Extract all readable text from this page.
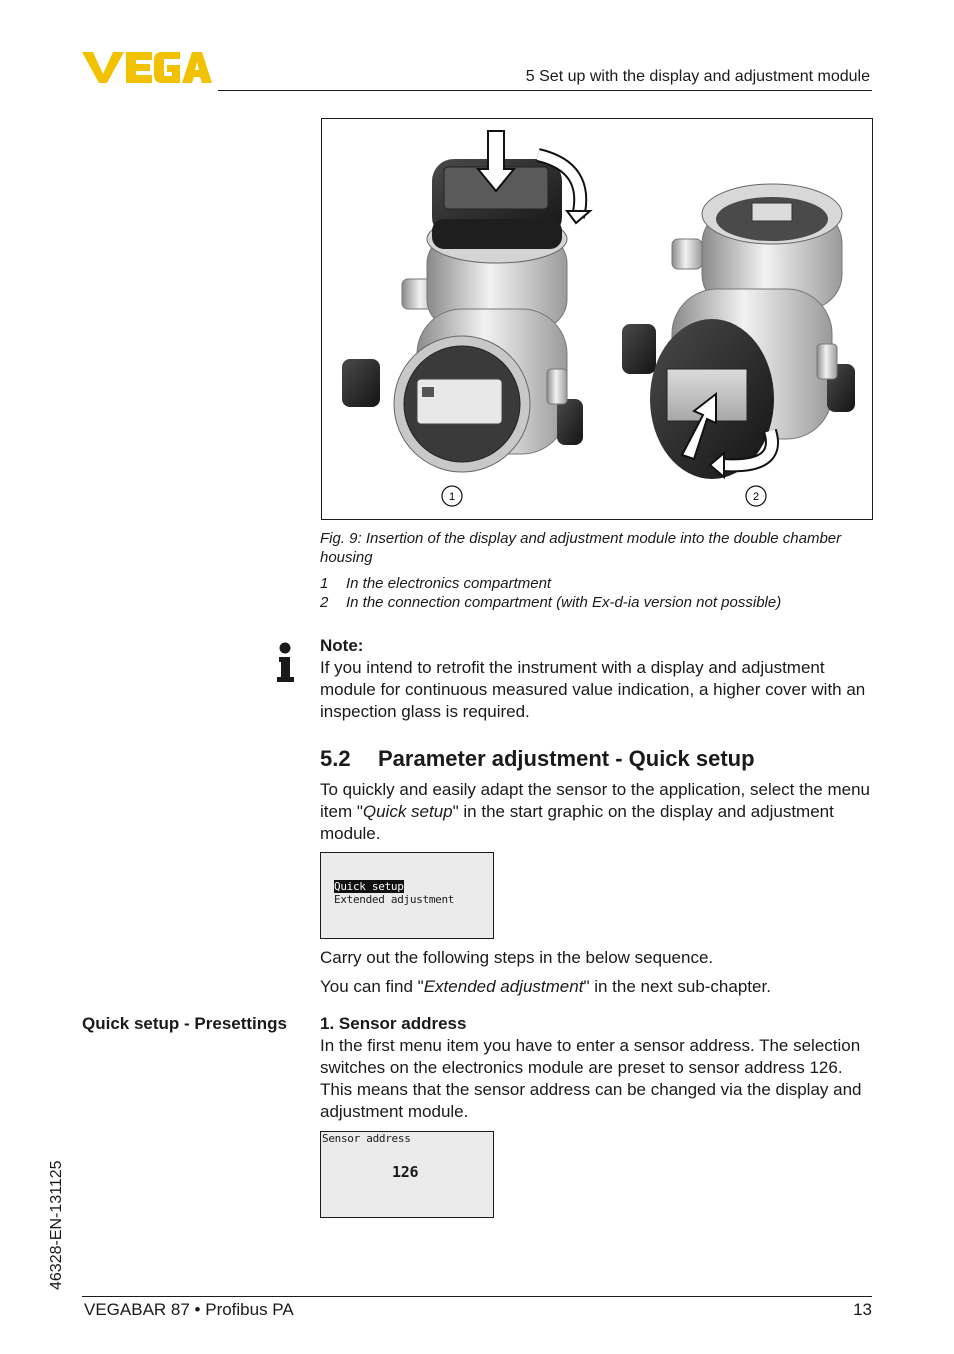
5 Set up with the display and adjustment module
1	2
Fig. 9: Insertion of the display and adjustment module into the double chamber housing
1 In the electronics compartment
2 In the connection compartment (with Ex-d-ia version not possible)
Note:
If you intend to retrofit the instrument with a display and adjustment module for continuous measured value indication, a higher cover with an inspection glass is required.
5.2 Parameter adjustment - Quick setup
To quickly and easily adapt the sensor to the application, select the menu item "Quick setup" in the start graphic on the display and adjustment module.
Quick setup
Extended adjustment
Carry out the following steps in the below sequence.
You can find "Extended adjustment" in the next sub-chapter.
Quick setup - Presettings 1. Sensor address
In the first menu item you have to enter a sensor address. The selection switches on the electronics module are preset to sensor address 126. This means that the sensor address can be changed via the display and adjustment module.
Sensor address
126
46328-EN-131125
VEGABAR 87 • Profibus PA	13
